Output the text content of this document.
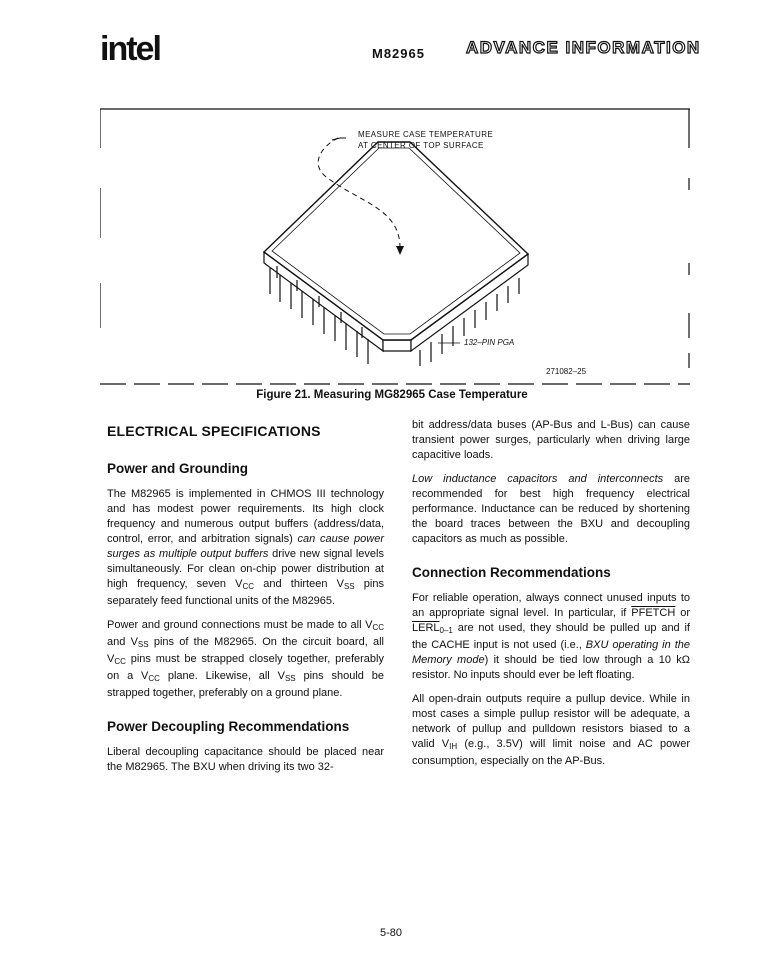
intel	M82965 ADVANCE INFORMATION
MEASURE CASE TEMPERATURE
AT CENTER OF TOP SURFACE
132–PIN PGA
271082–25
Figure 21. Measuring MG82965 Case Temperature
ELECTRICAL SPECIFICATIONS
Power and Grounding

The M82965 is implemented in CHMOS III technology and has modest power requirements. Its high clock frequency and numerous output buffers (address/data, control, error, and arbitration signals) can cause power surges as multiple output buffers drive new signal levels simultaneously. For clean on-chip power distribution at high frequency, seven $V_{CC}$ and thirteen $V_{SS}$ pins separately feed functional units of the M82965.

Power and ground connections must be made to all $V_{CC}$ and $V_{SS}$ pins of the M82965. On the circuit board, all $V_{CC}$ pins must be strapped closely together, preferably on a $V_{CC}$ plane. Likewise, all $V_{SS}$ pins should be strapped together, preferably on a ground plane.

Power Decoupling Recommendations

Liberal decoupling capacitance should be placed near the M82965. The BXU when driving its two 32-

bit address/data buses (AP-Bus and L-Bus) can cause transient power surges, particularly when driving large capacitive loads.

Low inductance capacitors and interconnects are recommended for best high frequency electrical performance. Inductance can be reduced by shortening the board traces between the BXU and decoupling capacitors as much as possible.

Connection Recommendations

For reliable operation, always connect unused inputs to an appropriate signal level. In particular, if PFETCH or $LERL_{0-1}$ are not used, they should be pulled up and if the CACHE input is not used (i.e., BXU operating in the Memory mode) it should be tied low through a 10 kΩ resistor. No inputs should ever be left floating.

All open-drain outputs require a pullup device. While in most cases a simple pullup resistor will be adequate, a network of pullup and pulldown resistors biased to a valid $V_{IH}$ (e.g., 3.5V) will limit noise and AC power consumption, especially on the AP-Bus.

5-80
